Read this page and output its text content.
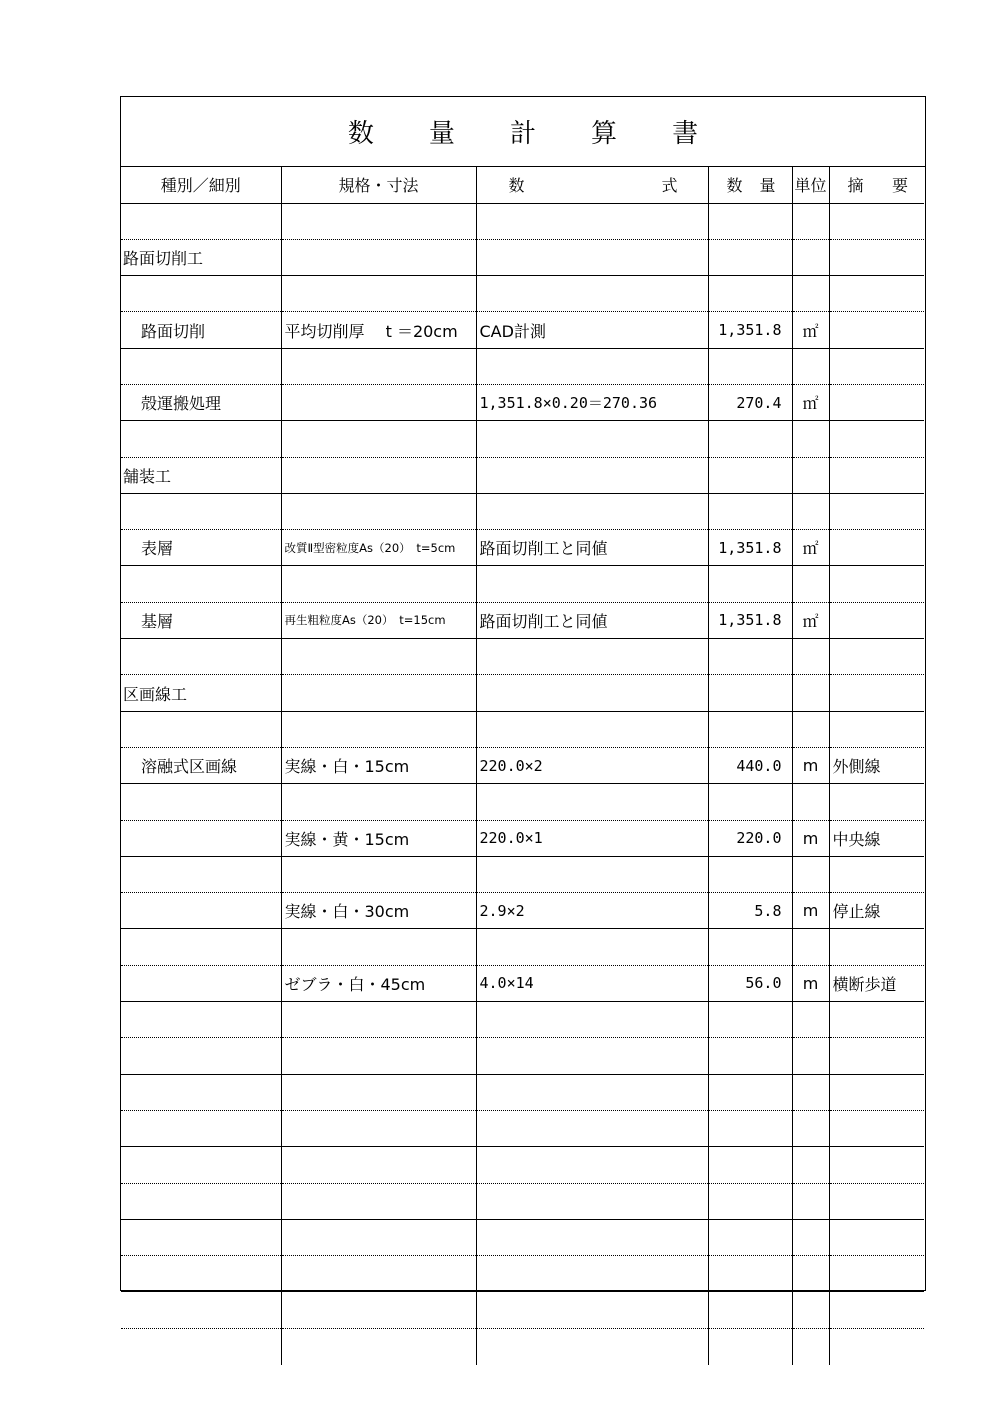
数 量 計 算 書
種別／細別	規格・寸法	数 式	数 量	単位	摘 要

路面切削工					

路面切削	平均切削厚　 t ＝20cm	CAD計測	1,351.8	㎡	

殻運搬処理		1,351.8×0.20＝270.36	270.4	㎡	

舗装工					

表層	改質Ⅱ型密粒度As（20）　t=5cm	路面切削工と同値	1,351.8	㎡	

基層	再生粗粒度As（20）　t=15cm	路面切削工と同値	1,351.8	㎡	

区画線工					

溶融式区画線	実線・白・15cm	220.0×2	440.0	m	外側線

	実線・黄・15cm	220.0×1	220.0	m	中央線

	実線・白・30cm	2.9×2	5.8	m	停止線

	ゼブラ・白・45cm	4.0×14	56.0	m	横断歩道
